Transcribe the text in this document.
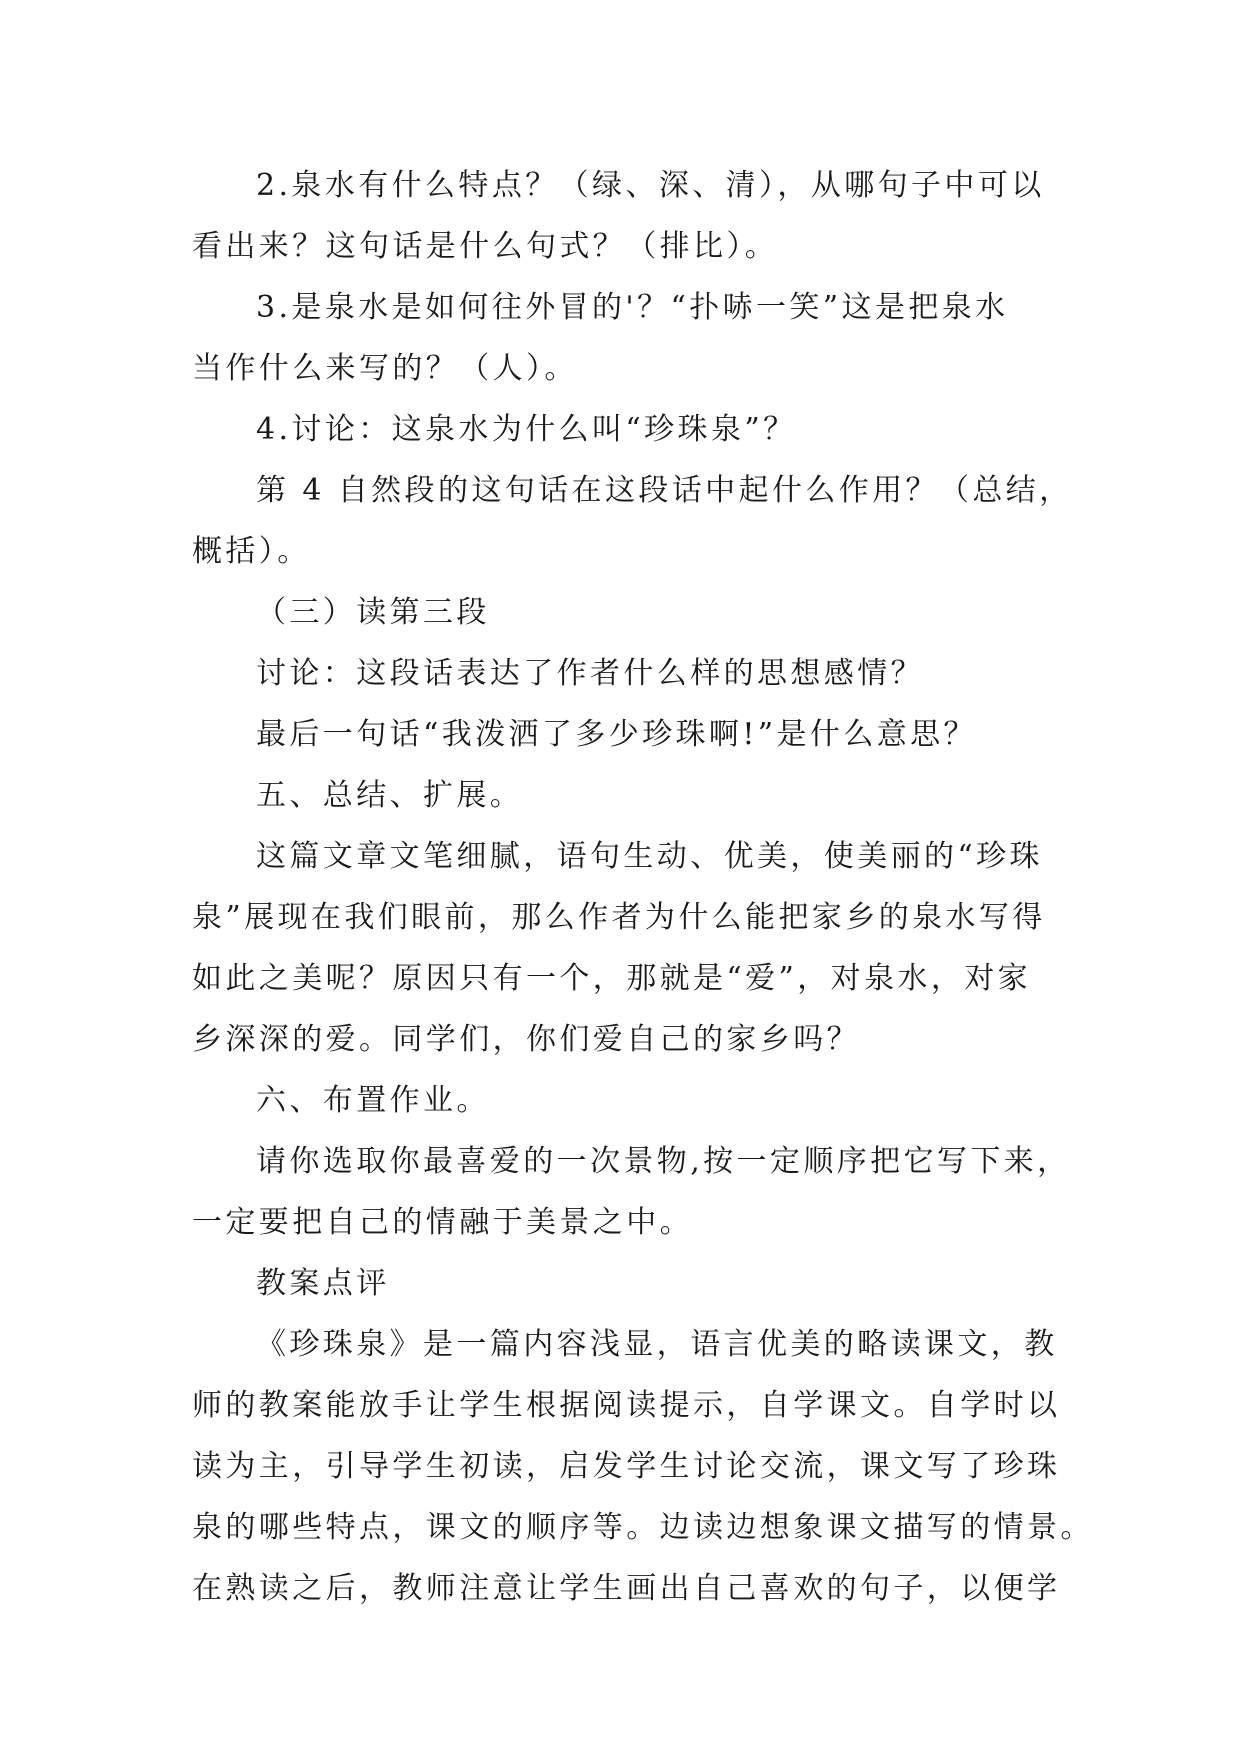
2.泉水有什么特点？（绿、深、清），从哪句子中可以
看出来？这句话是什么句式？（排比）。
3.是泉水是如何往外冒的'？“扑哧一笑”这是把泉水
当作什么来写的？（人）。
4.讨论：这泉水为什么叫“珍珠泉”？
第 4 自然段的这句话在这段话中起什么作用？（总结，
概括）。
（三）读第三段
讨论：这段话表达了作者什么样的思想感情？
最后一句话“我泼洒了多少珍珠啊!”是什么意思？
五、总结、扩展。
这篇文章文笔细腻，语句生动、优美，使美丽的“珍珠
泉”展现在我们眼前，那么作者为什么能把家乡的泉水写得
如此之美呢？原因只有一个，那就是“爱”，对泉水，对家
乡深深的爱。同学们，你们爱自己的家乡吗？
六、布置作业。
请你选取你最喜爱的一次景物,按一定顺序把它写下来，
一定要把自己的情融于美景之中。
教案点评
《珍珠泉》是一篇内容浅显，语言优美的略读课文，教
师的教案能放手让学生根据阅读提示，自学课文。自学时以
读为主，引导学生初读，启发学生讨论交流，课文写了珍珠
泉的哪些特点，课文的顺序等。边读边想象课文描写的情景。
在熟读之后，教师注意让学生画出自己喜欢的句子，以便学
